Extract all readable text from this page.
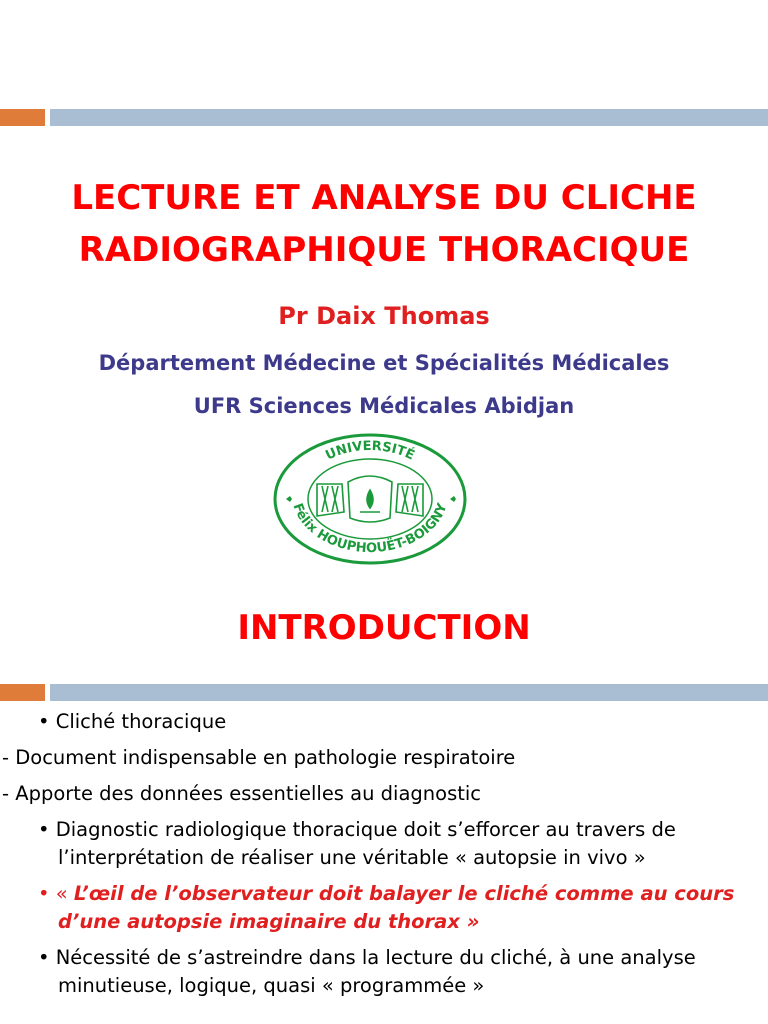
LECTURE ET ANALYSE DU CLICHE
RADIOGRAPHIQUE THORACIQUE
Pr Daix Thomas
Département Médecine et Spécialités Médicales
UFR Sciences Médicales Abidjan
UNIVERSITÉ
Félix HOUPHOUËT-BOIGNY
INTRODUCTION
• Cliché thoracique
- Document indispensable en pathologie respiratoire
- Apporte des données essentielles au diagnostic
• Diagnostic radiologique thoracique doit s’efforcer au travers de l’interprétation de réaliser une véritable « autopsie in vivo »
• « L’œil de l’observateur doit balayer le cliché comme au cours d’une autopsie imaginaire du thorax »
• Nécessité de s’astreindre dans la lecture du cliché, à une analyse minutieuse, logique, quasi « programmée »
